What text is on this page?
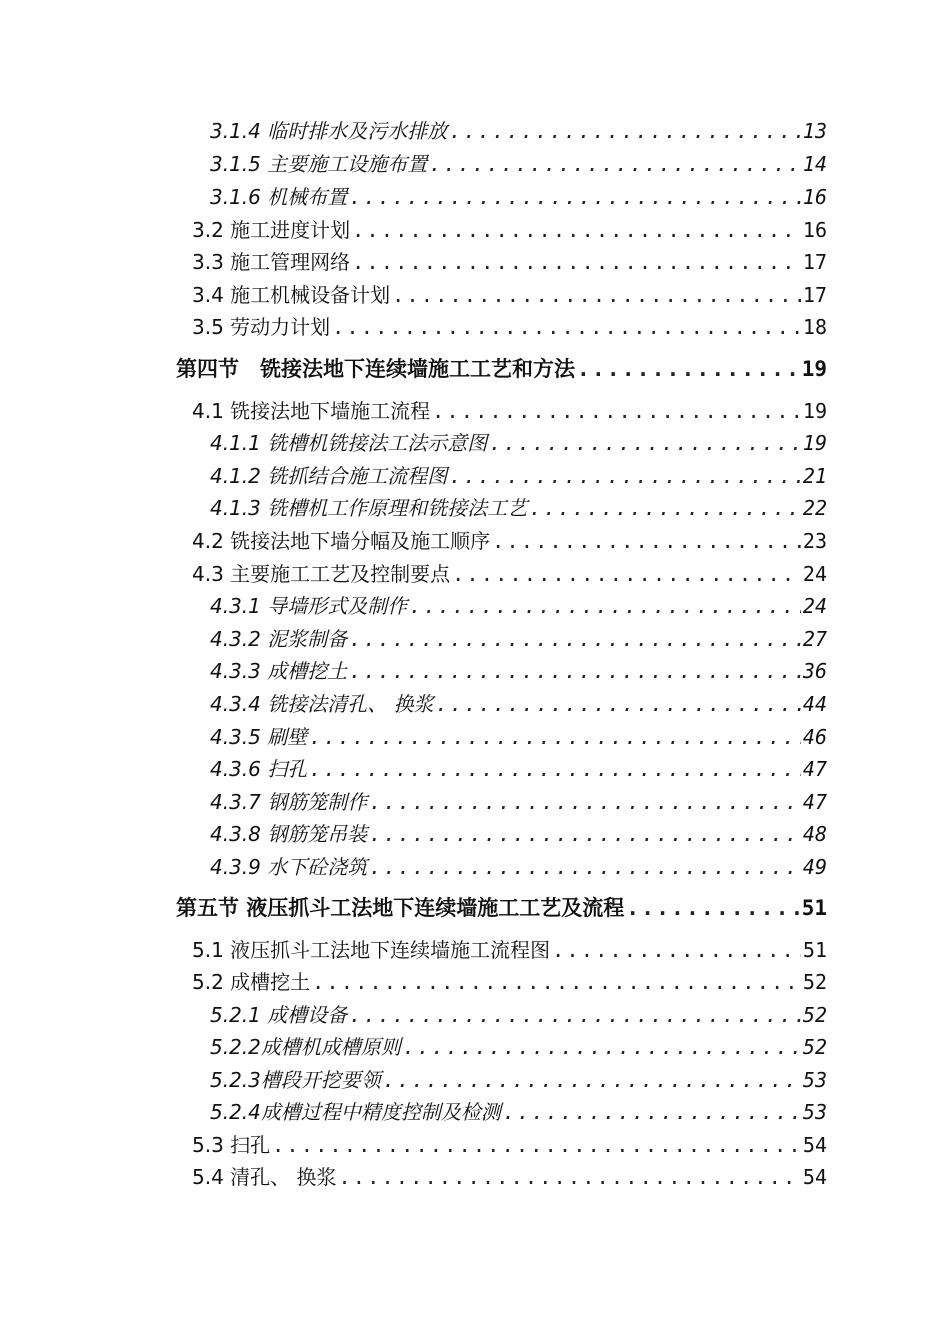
3.1.4 临时排水及污水排放 .....	13
3.1.5 主要施工设施布置 .....	14
3.1.6 机械布置 .....	16
3.2 施工进度计划 .....	16
3.3 施工管理网络 .....	17
3.4 施工机械设备计划 .....	17
3.5 劳动力计划 .....	18
第四节　铣接法地下连续墙施工工艺和方法 .....	19
4.1 铣接法地下墙施工流程 .....	19
4.1.1 铣槽机铣接法工法示意图 .....	19
4.1.2 铣抓结合施工流程图 .....	21
4.1.3 铣槽机工作原理和铣接法工艺 .....	22
4.2 铣接法地下墙分幅及施工顺序 .....	23
4.3 主要施工工艺及控制要点 .....	24
4.3.1 导墙形式及制作 .....	24
4.3.2 泥浆制备 .....	27
4.3.3 成槽挖土 .....	36
4.3.4 铣接法清孔、 换浆 .....	44
4.3.5 刷壁 .....	46
4.3.6 扫孔 .....	47
4.3.7 钢筋笼制作 .....	47
4.3.8 钢筋笼吊装 .....	48
4.3.9 水下砼浇筑 .....	49
第五节 液压抓斗工法地下连续墙施工工艺及流程 .....	51
5.1 液压抓斗工法地下连续墙施工流程图 .....	51
5.2 成槽挖土 .....	52
5.2.1 成槽设备 .....	52
5.2.2成槽机成槽原则 .....	52
5.2.3槽段开挖要领 .....	53
5.2.4成槽过程中精度控制及检测 .....	53
5.3 扫孔 .....	54
5.4 清孔、 换浆 .....	54
